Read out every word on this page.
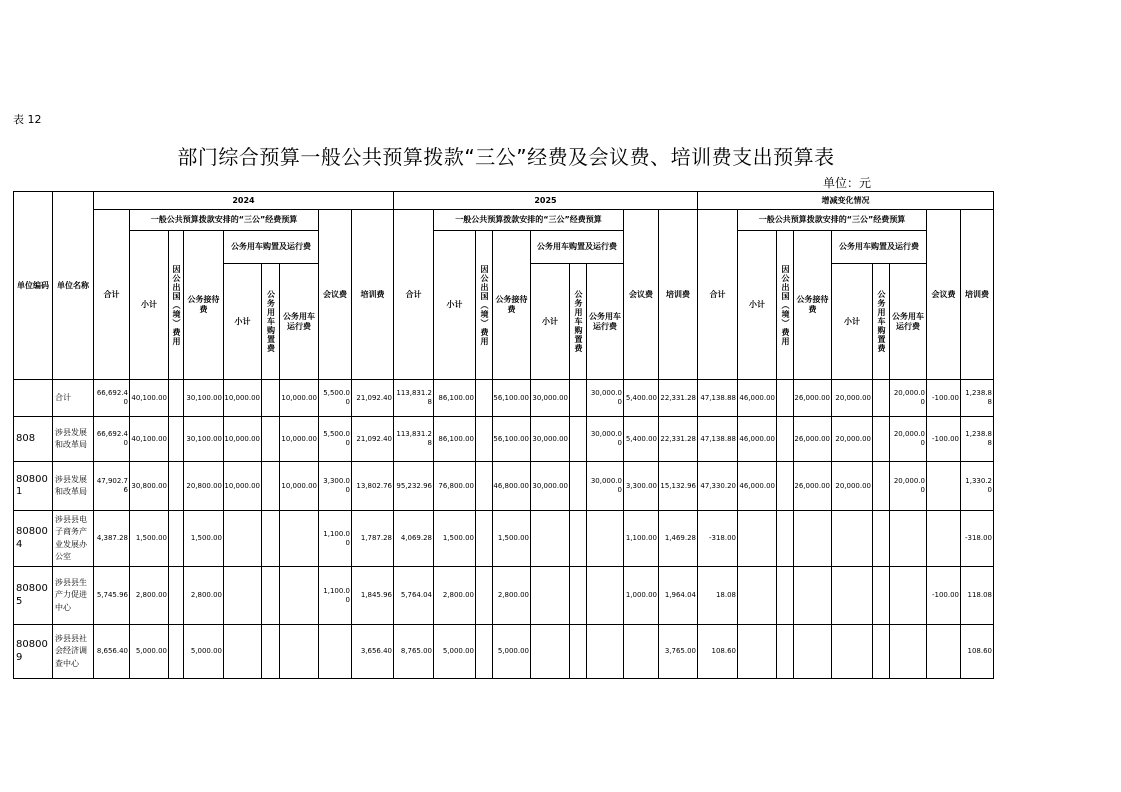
表 12
部门综合预算一般公共预算拨款“三公”经费及会议费、培训费支出预算表
单位：元
单位编码	单位名称	2024									2025									增减变化情况								
		合计	一般公共预算拨款安排的“三公”经费预算						会议费	培训费	合计	一般公共预算拨款安排的“三公”经费预算						会议费	培训费	合计	一般公共预算拨款安排的“三公”经费预算						会议费	培训费
			小计	因公出国（境）费用	公务接待费	公务用车购置及运行费						小计	因公出国（境）费用	公务接待费	公务用车购置及运行费						小计	因公出国（境）费用	公务接待费	公务用车购置及运行费				
						小计	公务用车购置费	公务用车运行费							小计	公务用车购置费	公务用车运行费							小计	公务用车购置费	公务用车运行费		

	合计	66,692.40	40,100.00		30,100.00	10,000.00		10,000.00	5,500.00	21,092.40	113,831.28	86,100.00		56,100.00	30,000.00		30,000.00	5,400.00	22,331.28	47,138.88	46,000.00		26,000.00	20,000.00		20,000.00	-100.00	1,238.88
808	涉县发展和改革局	66,692.40	40,100.00		30,100.00	10,000.00		10,000.00	5,500.00	21,092.40	113,831.28	86,100.00		56,100.00	30,000.00		30,000.00	5,400.00	22,331.28	47,138.88	46,000.00		26,000.00	20,000.00		20,000.00	-100.00	1,238.88
808001	涉县发展和改革局	47,902.76	30,800.00		20,800.00	10,000.00		10,000.00	3,300.00	13,802.76	95,232.96	76,800.00		46,800.00	30,000.00		30,000.00	3,300.00	15,132.96	47,330.20	46,000.00		26,000.00	20,000.00		20,000.00		1,330.20
808004	涉县县电子商务产业发展办公室	4,387.28	1,500.00		1,500.00				1,100.00	1,787.28	4,069.28	1,500.00		1,500.00				1,100.00	1,469.28	-318.00								-318.00
808005	涉县县生产力促进中心	5,745.96	2,800.00		2,800.00				1,100.00	1,845.96	5,764.04	2,800.00		2,800.00				1,000.00	1,964.04	18.08							-100.00	118.08
808009	涉县县社会经济调查中心	8,656.40	5,000.00		5,000.00					3,656.40	8,765.00	5,000.00		5,000.00					3,765.00	108.60								108.60
